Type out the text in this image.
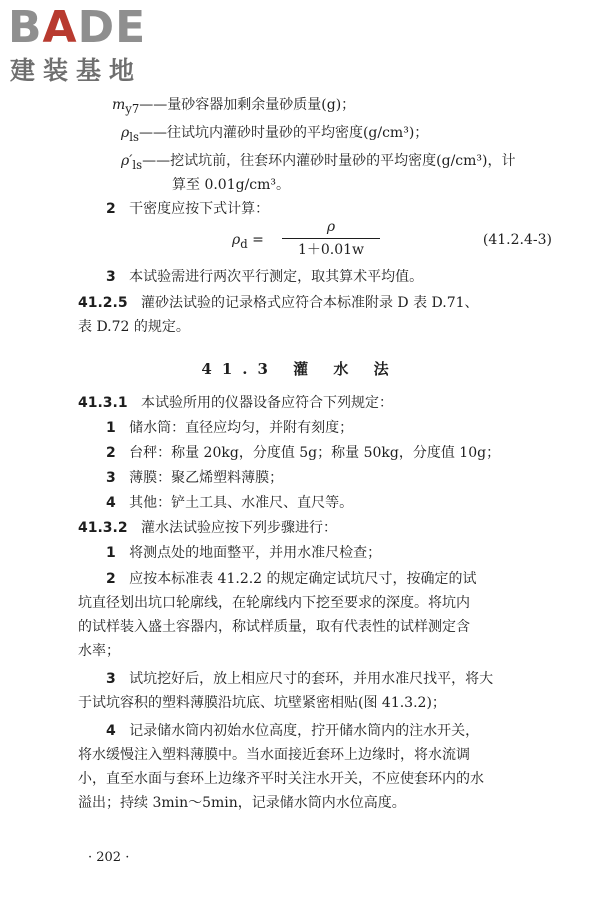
BADE
建装基地
$m_{y7}——$量砂容器加剩余量砂质量(g)；
$\rho_{ls}——$往试坑内灌砂时量砂的平均密度(g/cm³)；
$\rho'_{ls}——$挖试坑前，往套环内灌砂时量砂的平均密度(g/cm³)，计
算至 0.01g/cm³。
2 干密度应按下式计算：
$\rho_d$ =
ρ
1＋0.01w
(41.2.4-3)
3 本试验需进行两次平行测定，取其算术平均值。
41.2.5 灌砂法试验的记录格式应符合本标准附录 D 表 D.71、
表 D.72 的规定。
41.3 灌 水 法
41.3.1 本试验所用的仪器设备应符合下列规定：
1 储水筒：直径应均匀，并附有刻度；
2 台秤：称量 20kg，分度值 5g；称量 50kg，分度值 10g；
3 薄膜：聚乙烯塑料薄膜；
4 其他：铲土工具、水准尺、直尺等。
41.3.2 灌水法试验应按下列步骤进行：
1 将测点处的地面整平，并用水准尺检查；
2 应按本标准表 41.2.2 的规定确定试坑尺寸，按确定的试
坑直径划出坑口轮廓线，在轮廓线内下挖至要求的深度。将坑内
的试样装入盛土容器内，称试样质量，取有代表性的试样测定含
水率；
3 试坑挖好后，放上相应尺寸的套环，并用水准尺找平，将大
于试坑容积的塑料薄膜沿坑底、坑壁紧密相贴(图 41.3.2)；
4 记录储水筒内初始水位高度，拧开储水筒内的注水开关，
将水缓慢注入塑料薄膜中。当水面接近套环上边缘时，将水流调
小，直至水面与套环上边缘齐平时关注水开关，不应使套环内的水
溢出；持续 3min～5min，记录储水筒内水位高度。
· 202 ·
